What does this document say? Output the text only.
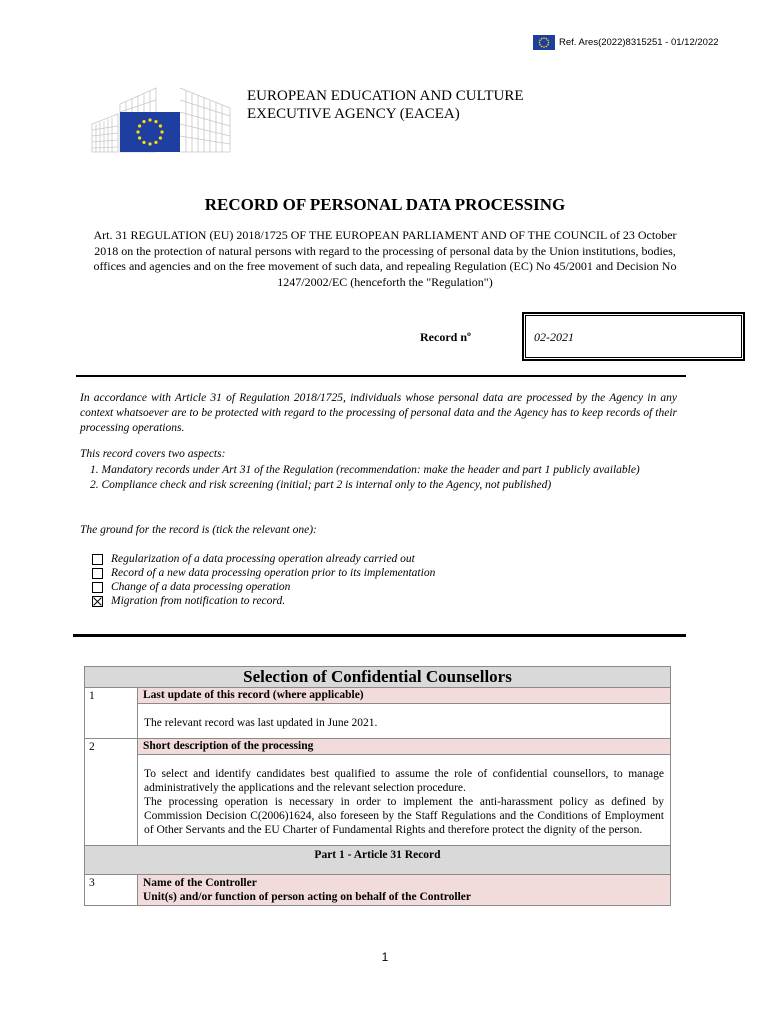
Ref. Ares(2022)8315251 - 01/12/2022
EUROPEAN EDUCATION AND CULTURE
EXECUTIVE AGENCY (EACEA)
RECORD OF PERSONAL DATA PROCESSING
Art. 31 REGULATION (EU) 2018/1725 OF THE EUROPEAN PARLIAMENT AND OF THE COUNCIL of 23 October 2018 on the protection of natural persons with regard to the processing of personal data by the Union institutions, bodies, offices and agencies and on the free movement of such data, and repealing Regulation (EC) No 45/2001 and Decision No 1247/2002/EC (henceforth the "Regulation")
Record nº	02-2021
In accordance with Article 31 of Regulation 2018/1725, individuals whose personal data are processed by the Agency in any context whatsoever are to be protected with regard to the processing of personal data and the Agency has to keep records of their processing operations.
This record covers two aspects:
1. Mandatory records under Art 31 of the Regulation (recommendation: make the header and part 1 publicly available)
2. Compliance check and risk screening (initial; part 2 is internal only to the Agency, not published)
The ground for the record is (tick the relevant one):
Regularization of a data processing operation already carried out
Record of a new data processing operation prior to its implementation
Change of a data processing operation
Migration from notification to record.
Selection of Confidential Counsellors	
1	Last update of this record (where applicable)
	The relevant record was last updated in June 2021.
2	Short description of the processing

	To select and identify candidates best qualified to assume the role of confidential counsellors, to manage administratively the applications and the relevant selection procedure.
The processing operation is necessary in order to implement the anti-harassment policy as defined by Commission Decision C(2006)1624, also foreseen by the Staff Regulations and the Conditions of Employment of Other Servants and the EU Charter of Fundamental Rights and therefore protect the dignity of the person.

Part 1 - Article 31 Record	
3	Name of the Controller
Unit(s) and/or function of person acting on behalf of the Controller
1
